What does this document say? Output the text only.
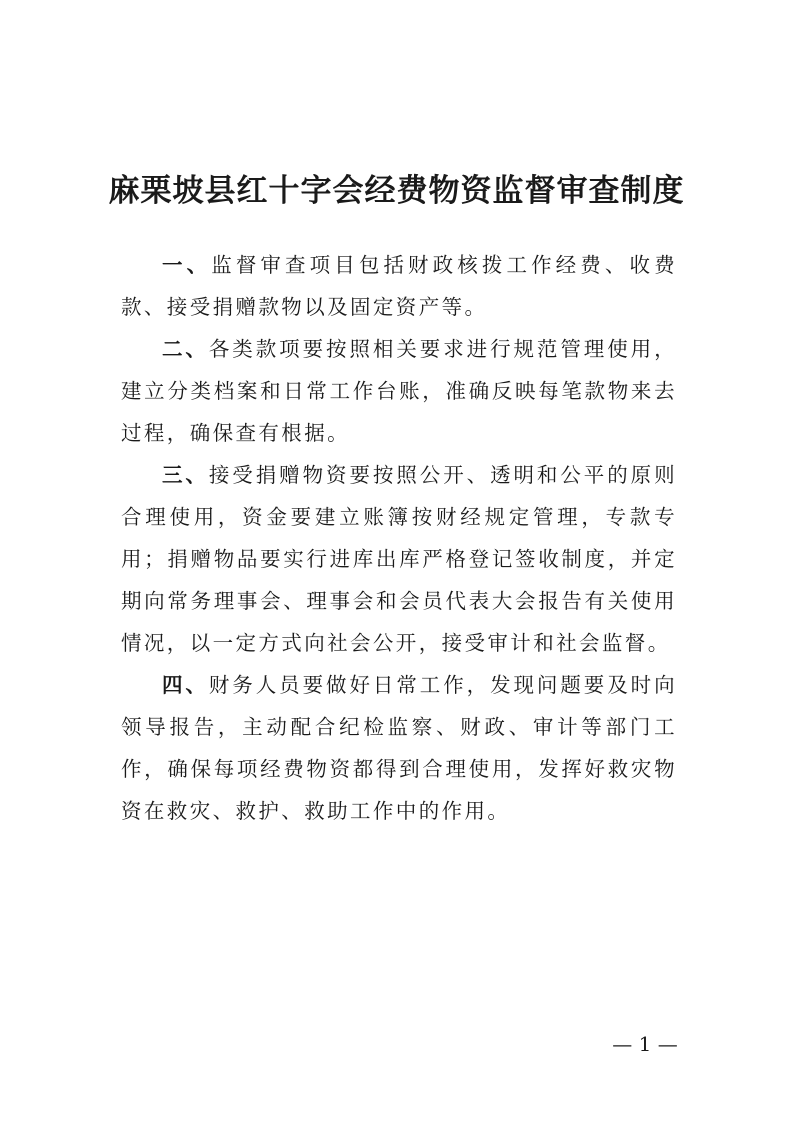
麻栗坡县红十字会经费物资监督审查制度

一、监督审查项目包括财政核拨工作经费、收费款、接受捐赠款物以及固定资产等。

二、各类款项要按照相关要求进行规范管理使用，建立分类档案和日常工作台账，准确反映每笔款物来去过程，确保查有根据。

三、接受捐赠物资要按照公开、透明和公平的原则合理使用，资金要建立账簿按财经规定管理，专款专用；捐赠物品要实行进库出库严格登记签收制度，并定期向常务理事会、理事会和会员代表大会报告有关使用情况，以一定方式向社会公开，接受审计和社会监督。

四、财务人员要做好日常工作，发现问题要及时向领导报告，主动配合纪检监察、财政、审计等部门工作，确保每项经费物资都得到合理使用，发挥好救灾物资在救灾、救护、救助工作中的作用。

— 1 —
